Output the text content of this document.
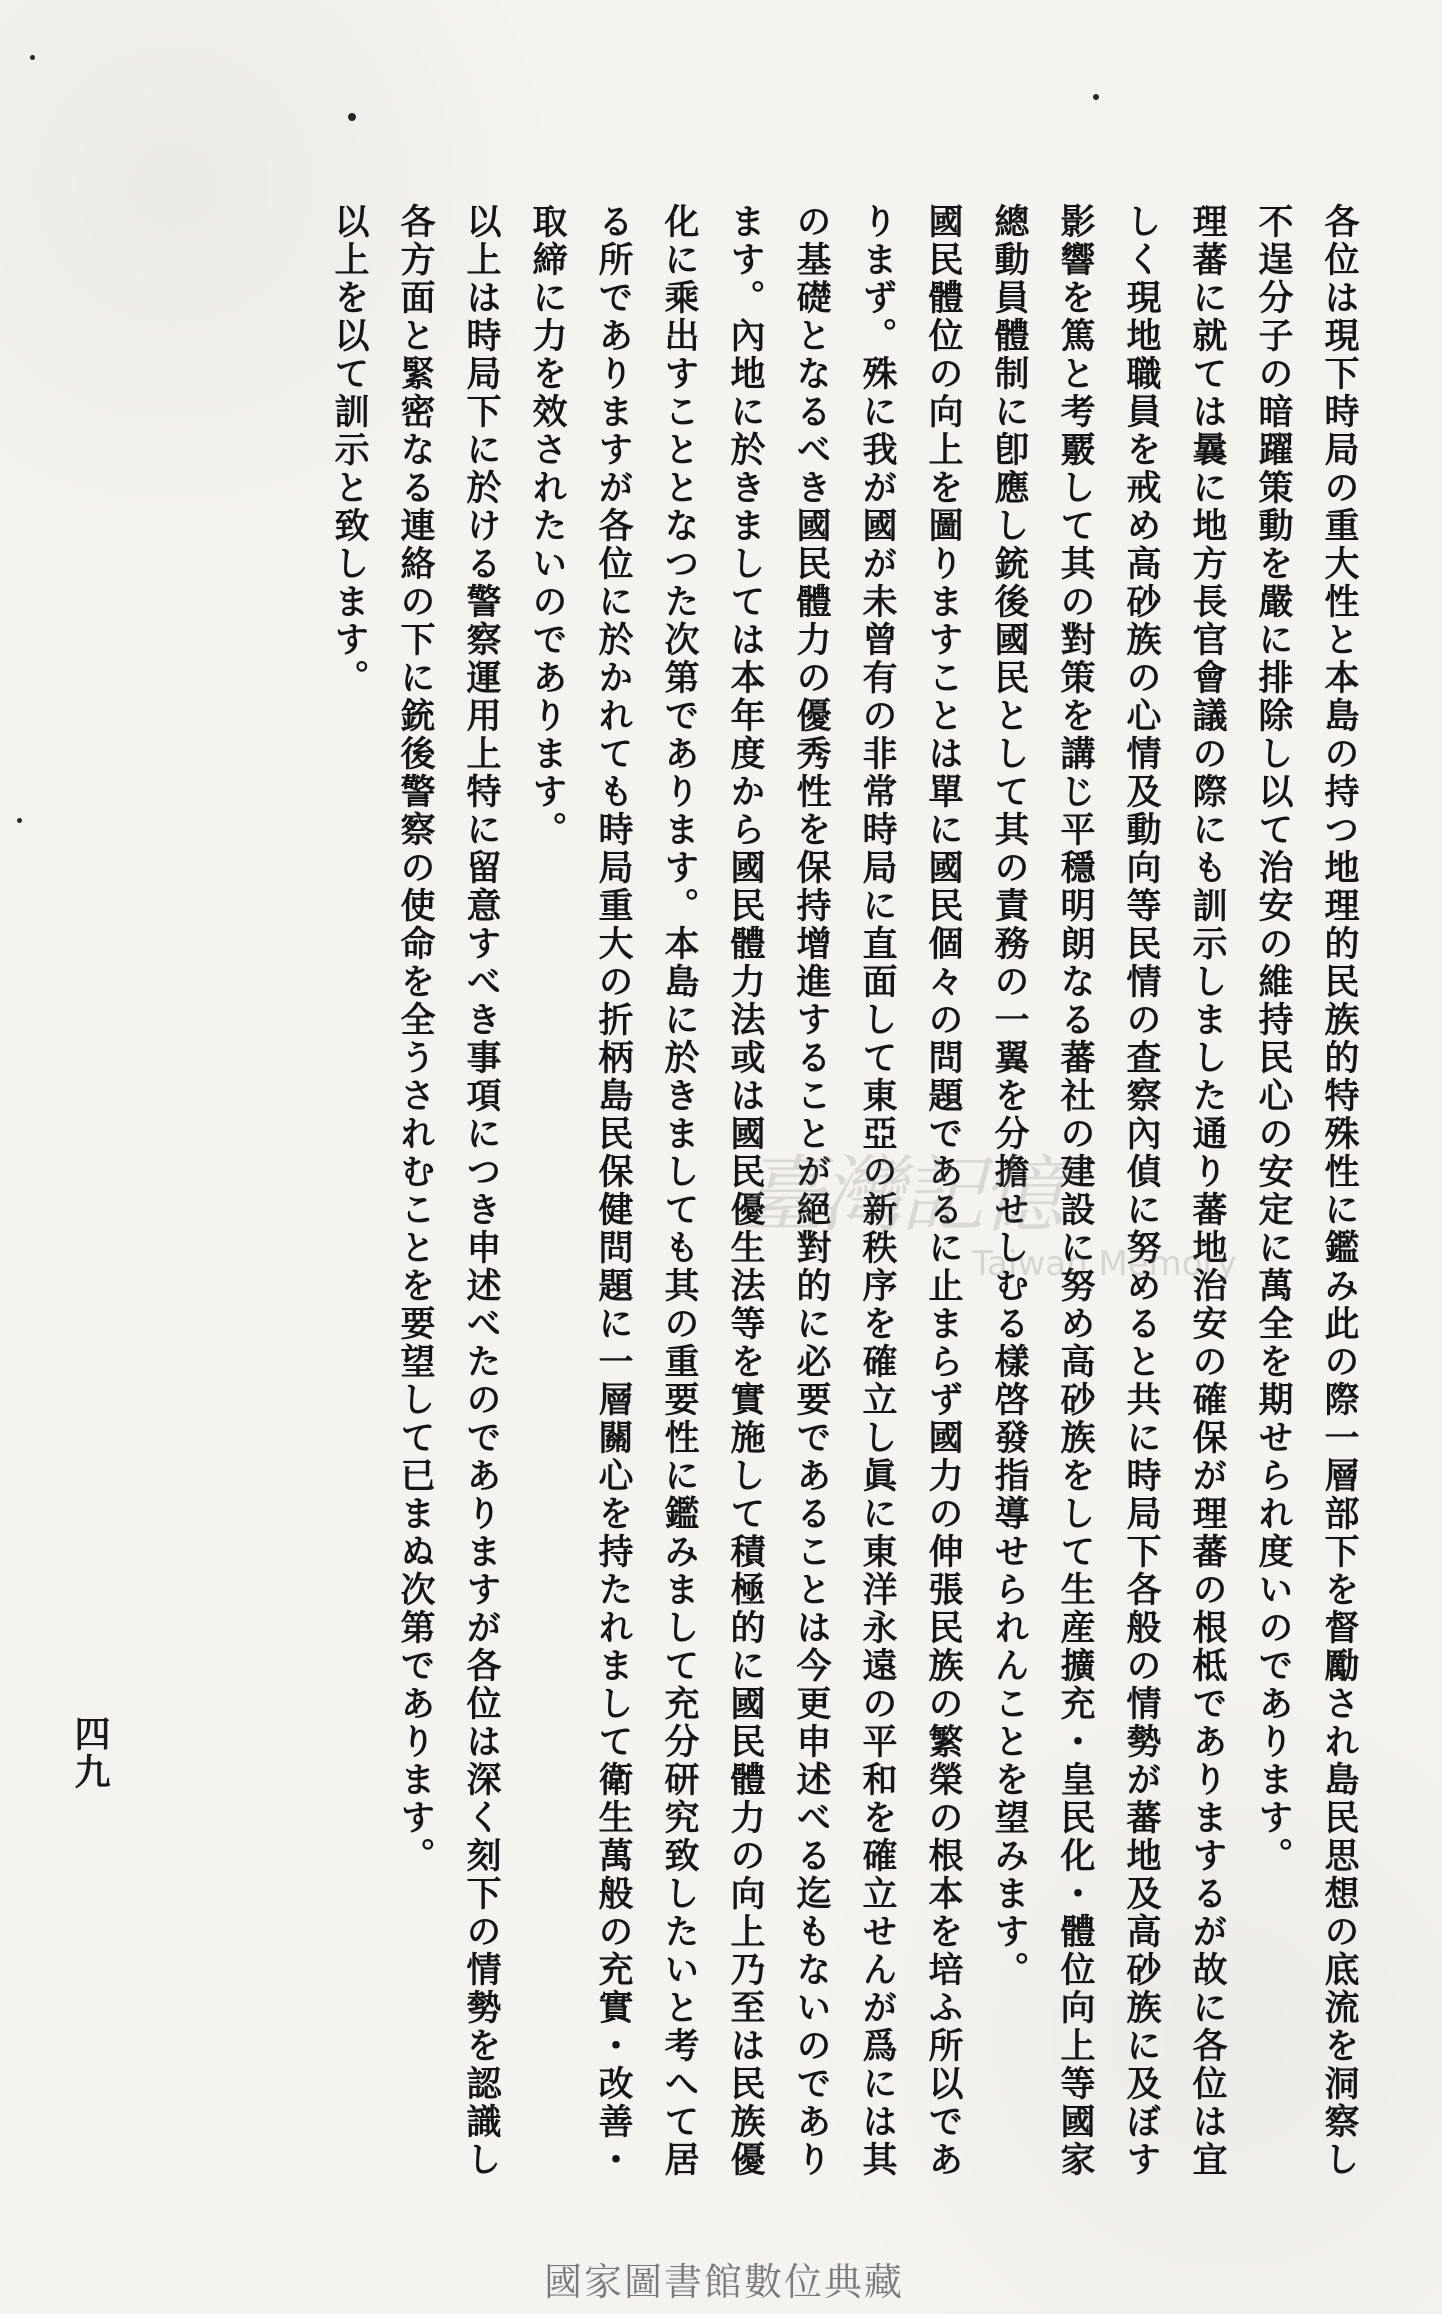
各位は現下時局の重大性と本島の持つ地理的民族的特殊性に鑑み此の際一層部下を督勵され島民思想の底流を洞察し不逞分子の暗躍策動を嚴に排除し以て治安の維持民心の安定に萬全を期せられ度いのであります。

理蕃に就ては曩に地方長官會議の際にも訓示しました通り蕃地治安の確保が理蕃の根柢でありまするが故に各位は宜しく現地職員を戒め高砂族の心情及動向等民情の查察內偵に努めると共に時局下各般の情勢が蕃地及高砂族に及ぼす影響を篤と考覈して其の對策を講じ平穩明朗なる蕃社の建設に努め高砂族をして生産擴充・皇民化・體位向上等國家總動員體制に卽應し銃後國民として其の責務の一翼を分擔せしむる樣啓發指導せられんことを望みます。

國民體位の向上を圖りますことは單に國民個々の問題であるに止まらず國力の伸張民族の繁榮の根本を培ふ所以でありまず。殊に我が國が未曾有の非常時局に直面して東亞の新秩序を確立し眞に東洋永遠の平和を確立せんが爲には其の基礎となるべき國民體力の優秀性を保持增進することが絕對的に必要であることは今更申述べる迄もないのであります。內地に於きましては本年度から國民體力法或は國民優生法等を實施して積極的に國民體力の向上乃至は民族優化に乘出すこととなつた次第であります。本島に於きましても其の重要性に鑑みまして充分研究致したいと考へて居る所でありますが各位に於かれても時局重大の折柄島民保健問題に一層關心を持たれまして衛生萬般の充實・改善・取締に力を效されたいのであります。

以上は時局下に於ける警察運用上特に留意すべき事項につき申述べたのでありますが各位は深く刻下の情勢を認識し各方面と緊密なる連絡の下に銃後警察の使命を全うされむことを要望して已まぬ次第であります。

以上を以て訓示と致します。

四九
臺灣記憶
Taiwan Memory
國家圖書館數位典藏
